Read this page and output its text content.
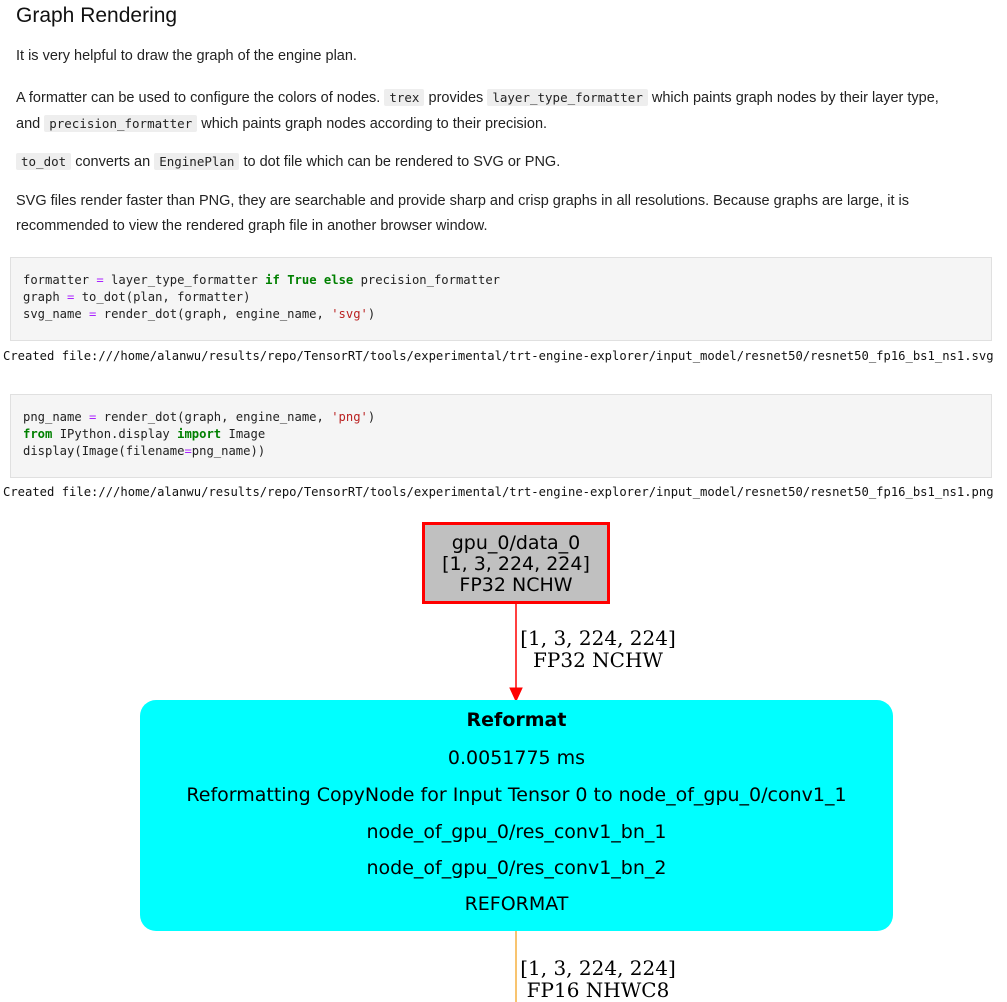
Graph Rendering

It is very helpful to draw the graph of the engine plan.

A formatter can be used to configure the colors of nodes. trex provides layer_type_formatter which paints graph nodes by their layer type, and precision_formatter which paints graph nodes according to their precision.

to_dot converts an EnginePlan to dot file which can be rendered to SVG or PNG.

SVG files render faster than PNG, they are searchable and provide sharp and crisp graphs in all resolutions. Because graphs are large, it is recommended to view the rendered graph file in another browser window.

formatter = layer_type_formatter if True else precision_formatter
graph = to_dot(plan, formatter)
svg_name = render_dot(graph, engine_name, 'svg')
Created file:///home/alanwu/results/repo/TensorRT/tools/experimental/trt-engine-explorer/input_model/resnet50/resnet50_fp16_bs1_ns1.svg
png_name = render_dot(graph, engine_name, 'png')
from IPython.display import Image
display(Image(filename=png_name))
Created file:///home/alanwu/results/repo/TensorRT/tools/experimental/trt-engine-explorer/input_model/resnet50/resnet50_fp16_bs1_ns1.png
gpu_0/data_0
[1, 3, 224, 224]
FP32 NCHW
[1, 3, 224, 224]
FP32 NCHW
Reformat
0.0051775 ms
Reformatting CopyNode for Input Tensor 0 to node_of_gpu_0/conv1_1
node_of_gpu_0/res_conv1_bn_1
node_of_gpu_0/res_conv1_bn_2
REFORMAT
[1, 3, 224, 224]
FP16 NHWC8
